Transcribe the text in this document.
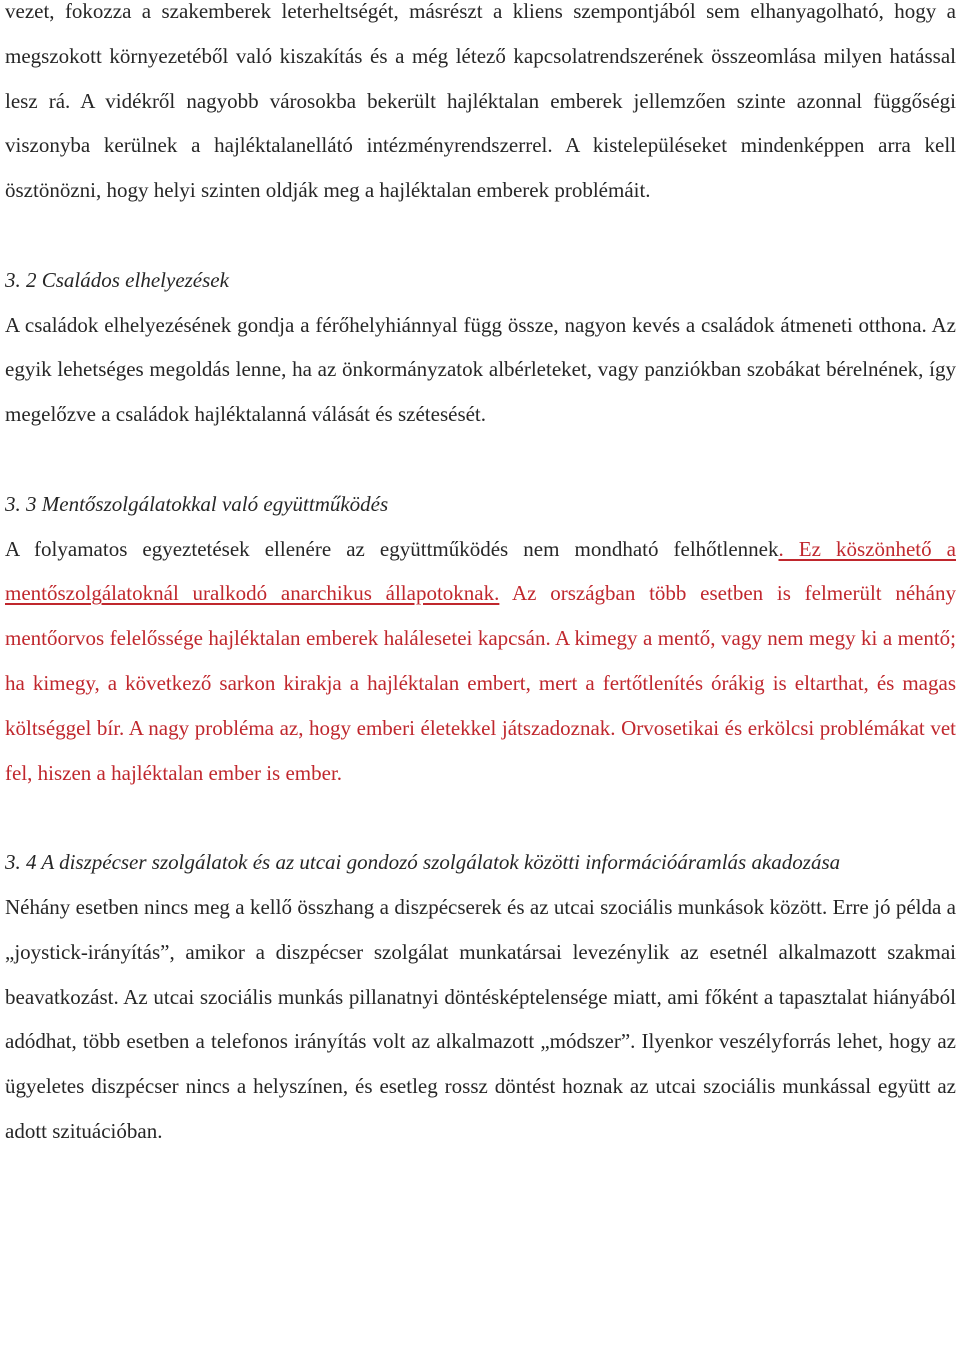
vezet, fokozza a szakemberek leterheltségét, másrészt a kliens szempontjából sem elhanyagolható, hogy a megszokott környezetéből való kiszakítás és a még létező kapcsolatrendszerének összeomlása milyen hatással lesz rá. A vidékről nagyobb városokba bekerült hajléktalan emberek jellemzően szinte azonnal függőségi viszonyba kerülnek a hajléktalanellátó intézményrendszerrel. A kistelepüléseket mindenképpen arra kell ösztönözni, hogy helyi szinten oldják meg a hajléktalan emberek problémáit.

3. 2 Családos elhelyezések

A családok elhelyezésének gondja a férőhelyhiánnyal függ össze, nagyon kevés a családok átmeneti otthona. Az egyik lehetséges megoldás lenne, ha az önkormányzatok albérleteket, vagy panziókban szobákat bérelnének, így megelőzve a családok hajléktalanná válását és szétesését.

3. 3 Mentőszolgálatokkal való együttműködés

A folyamatos egyeztetések ellenére az együttműködés nem mondható felhőtlennek. Ez köszönhető a mentőszolgálatoknál uralkodó anarchikus állapotoknak. Az országban több esetben is felmerült néhány mentőorvos felelőssége hajléktalan emberek halálesetei kapcsán. A kimegy a mentő, vagy nem megy ki a mentő; ha kimegy, a következő sarkon kirakja a hajléktalan embert, mert a fertőtlenítés órákig is eltarthat, és magas költséggel bír. A nagy probléma az, hogy emberi életekkel játszadoznak. Orvosetikai és erkölcsi problémákat vet fel, hiszen a hajléktalan ember is ember.

3. 4 A diszpécser szolgálatok és az utcai gondozó szolgálatok közötti információáramlás akadozása

Néhány esetben nincs meg a kellő összhang a diszpécserek és az utcai szociális munkások között. Erre jó példa a „joystick-irányítás”, amikor a diszpécser szolgálat munkatársai levezénylik az esetnél alkalmazott szakmai beavatkozást. Az utcai szociális munkás pillanatnyi döntésképtelensége miatt, ami főként a tapasztalat hiányából adódhat, több esetben a telefonos irányítás volt az alkalmazott „módszer”. Ilyenkor veszélyforrás lehet, hogy az ügyeletes diszpécser nincs a helyszínen, és esetleg rossz döntést hoznak az utcai szociális munkással együtt az adott szituációban.
